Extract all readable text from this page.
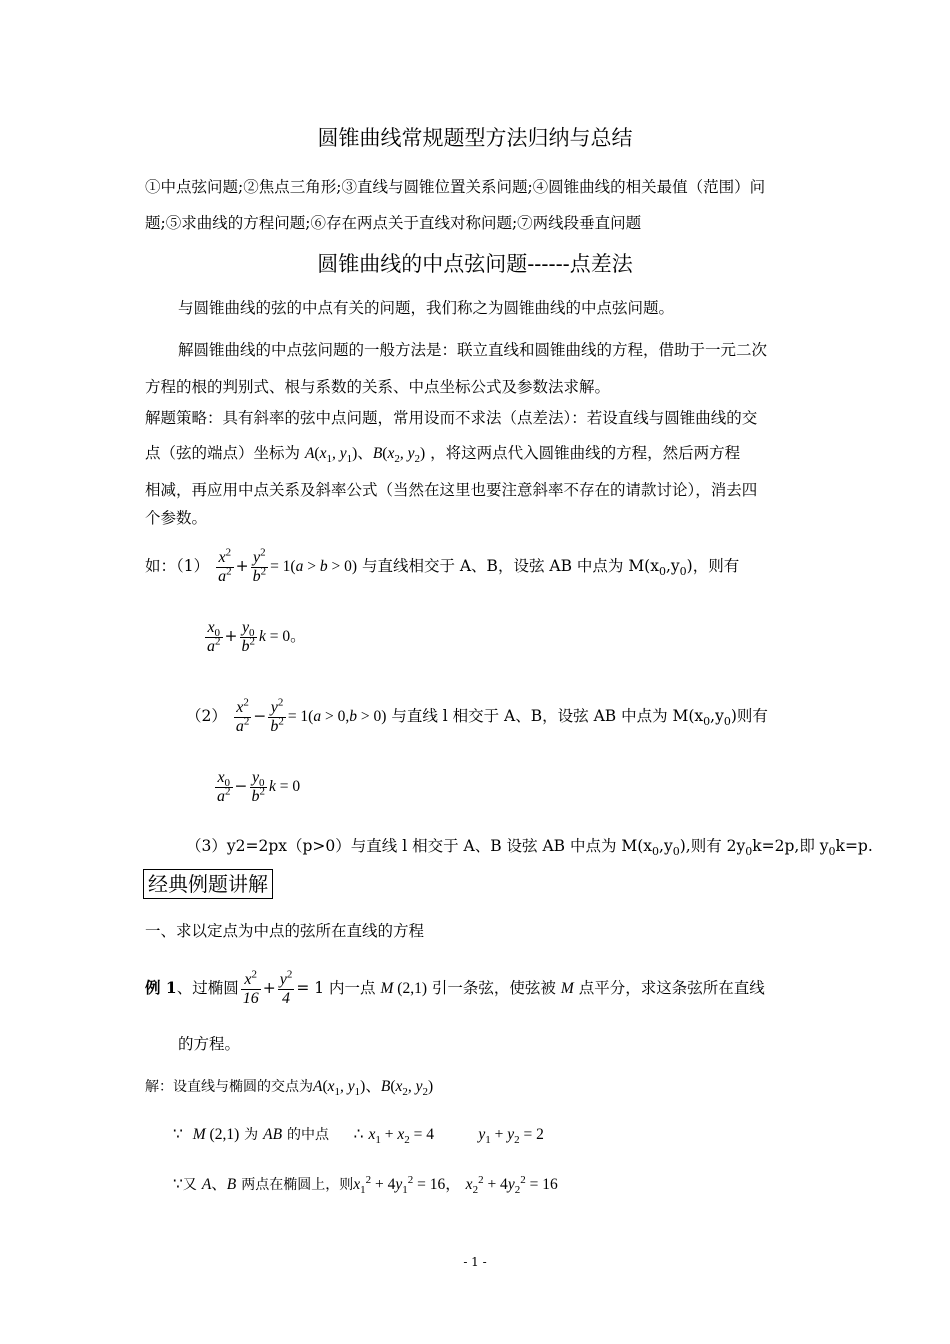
圆锥曲线常规题型方法归纳与总结
①中点弦问题;②焦点三角形;③直线与圆锥位置关系问题;④圆锥曲线的相关最值（范围）问
题;⑤求曲线的方程问题;⑥存在两点关于直线对称问题;⑦两线段垂直问题
圆锥曲线的中点弦问题------点差法
与圆锥曲线的弦的中点有关的问题，我们称之为圆锥曲线的中点弦问题。
解圆锥曲线的中点弦问题的一般方法是：联立直线和圆锥曲线的方程，借助于一元二次
方程的根的判别式、根与系数的关系、中点坐标公式及参数法求解。
解题策略：具有斜率的弦中点问题，常用设而不求法（点差法）：若设直线与圆锥曲线的交
点（弦的端点）坐标为 $A(x_1$, $y_1$)、$B(x_2$, $y_2$) ，将这两点代入圆锥曲线的方程，然后两方程
相减，再应用中点关系及斜率公式（当然在这里也要注意斜率不存在的请款讨论），消去四
个参数。
如：$(1) \frac{x^2}{a^2} + \frac{y^2}{b^2} = 1(a > b > 0)$ 与直线相交于 A、B，设弦 AB 中点为 $M(x_0,y_0)$，则有
$\frac{x_0}{a^2} + \frac{y_0}{b^2}$ k = 0。
$(2) \frac{x^2}{a^2} - \frac{y^2}{b^2} = 1(a > 0,b > 0)$ 与直线 l 相交于 A、B，设弦 AB 中点为 $M(x_0,y_0)$则有
$\frac{x_0}{a^2} - \frac{y_0}{b^2}$ k = 0
（3）y2=2px（p>0）与直线 l 相交于 A、B 设弦 AB 中点为 $M(x_0,y_0)$,则有 $2y_0k=2p$,即 $y_0k=p$.
经典例题讲解
一、求以定点为中点的弦所在直线的方程
例 1、过椭圆 $\frac{x^2}{16} + \frac{y^2}{4} = 1$ 内一点 M (2,1) 引一条弦，使弦被 M 点平分，求这条弦所在直线
的方程。
解：设直线与椭圆的交点为$A(x_1$, $y_1$)、$B(x_2$, $y_2$)
∵ M (2,1) 为 AB 的中点 ∴ $x_1 + x_2 = 4$	$y_1 + y_2 = 2$
∵又 A、B 两点在椭圆上，则$x_1^2 + 4y_1^2 = 16$， $x_2^2 + 4y_2^2 = 16$
- 1 -
